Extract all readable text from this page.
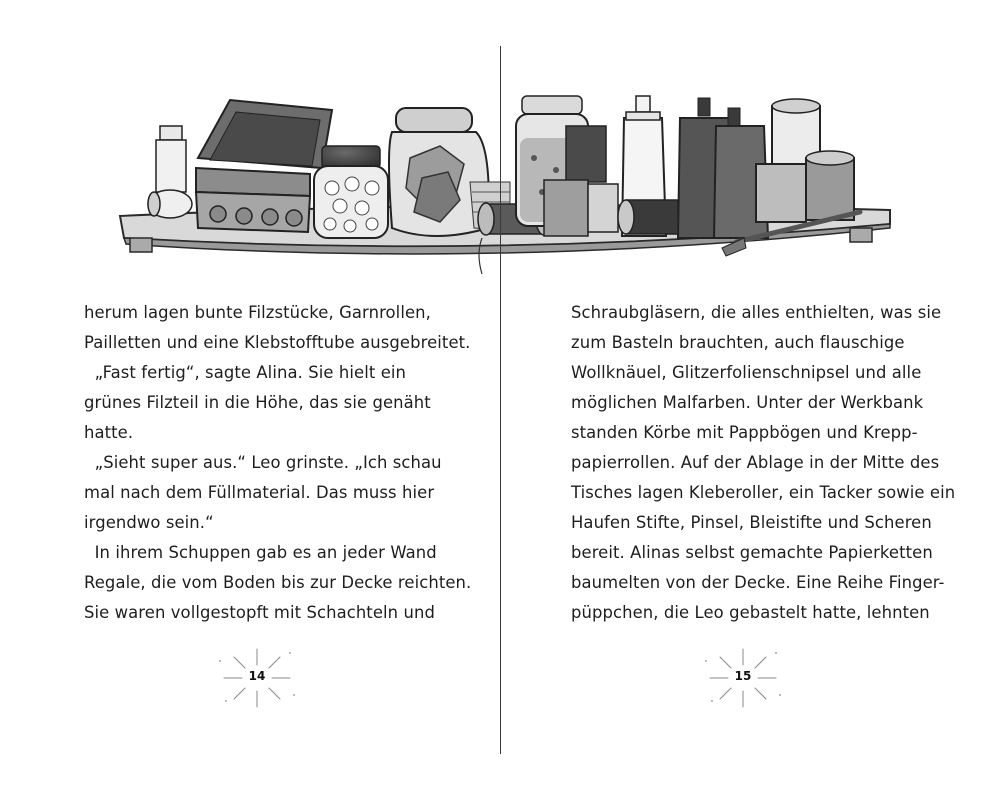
herum lagen bunte Filzstücke, Garnrollen,
Pailletten und eine Klebstofftube ausgebreitet.
„Fast fertig“, sagte Alina. Sie hielt ein
grünes Filzteil in die Höhe, das sie genäht
hatte.
„Sieht super aus.“ Leo grinste. „Ich schau
mal nach dem Füllmaterial. Das muss hier
irgendwo sein.“
In ihrem Schuppen gab es an jeder Wand
Regale, die vom Boden bis zur Decke reichten.
Sie waren vollgestopft mit Schachteln und
Schraubgläsern, die alles enthielten, was sie
zum Basteln brauchten, auch flauschige
Wollknäuel, Glitzerfolienschnipsel und alle
möglichen Malfarben. Unter der Werkbank
standen Körbe mit Pappbögen und Krepp-
papierrollen. Auf der Ablage in der Mitte des
Tisches lagen Kleberoller, ein Tacker sowie ein
Haufen Stifte, Pinsel, Bleistifte und Scheren
bereit. Alinas selbst gemachte Papierketten
baumelten von der Decke. Eine Reihe Finger-
püppchen, die Leo gebastelt hatte, lehnten
14	15
